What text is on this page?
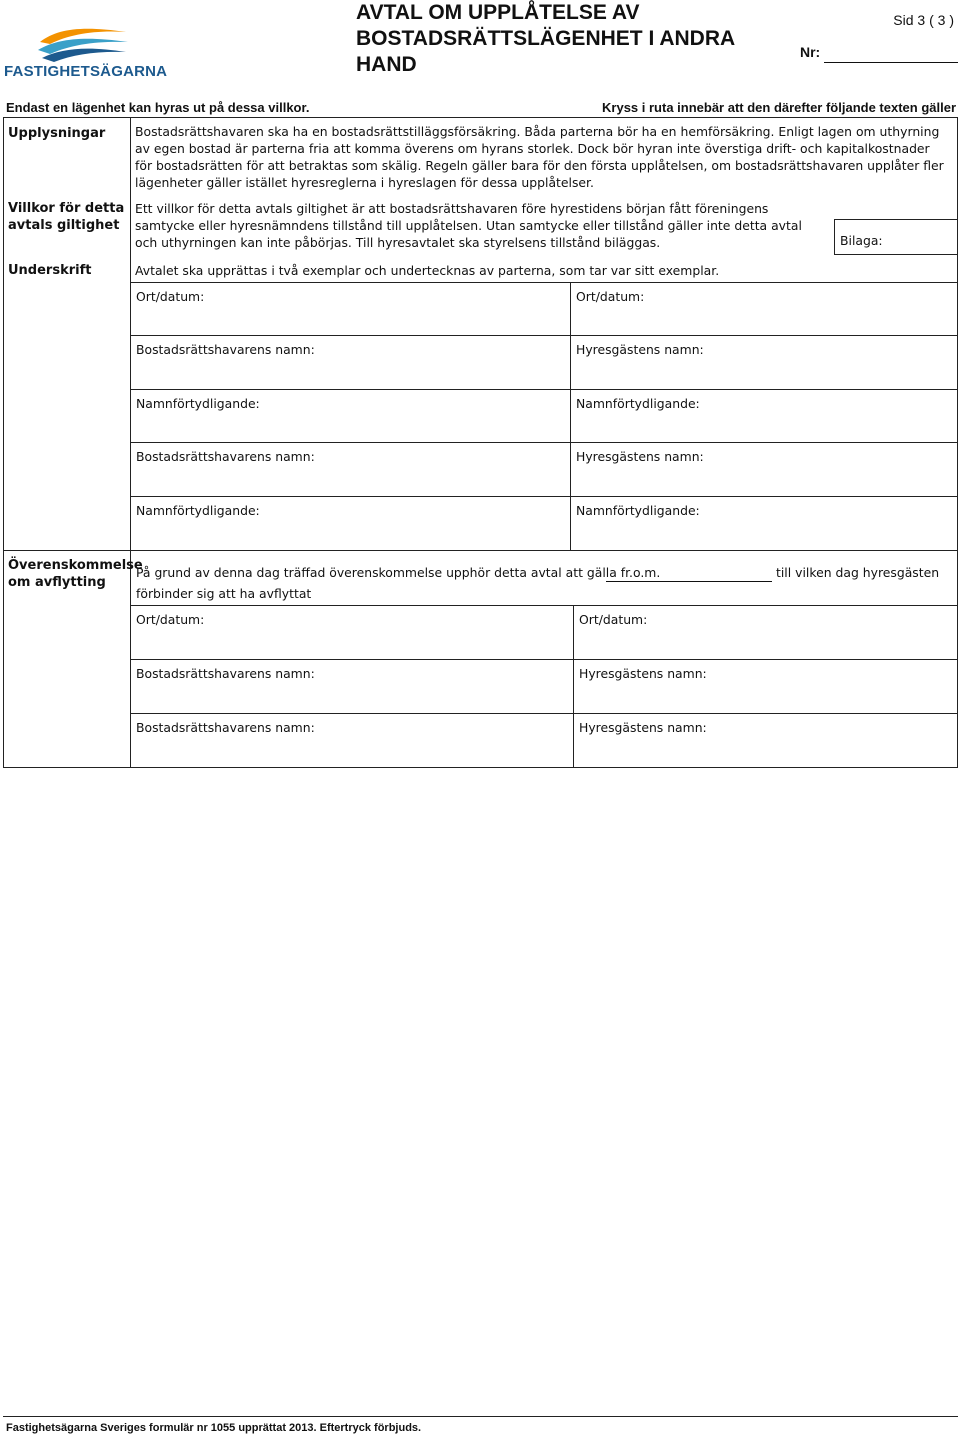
FASTIGHETSÄGARNA
AVTAL OM UPPLÅTELSE AV BOSTADSRÄTTSLÄGENHET I ANDRA HAND
Sid 3 ( 3 )
Nr:
Endast en lägenhet kan hyras ut på dessa villkor.	Kryss i ruta innebär att den därefter följande texten gäller
Upplysningar Bostadsrättshavaren ska ha en bostadsrättstilläggsförsäkring. Båda parterna bör ha en hemförsäkring. Enligt lagen om uthyrning av egen bostad är parterna fria att komma överens om hyrans storlek. Dock bör hyran inte överstiga drift- och kapitalkostnader för bostadsrätten för att betraktas som skälig. Regeln gäller bara för den första upplåtelsen, om bostadsrättshavaren upplåter fler lägenheter gäller istället hyresreglerna i hyreslagen för dessa upplåtelser.
Villkor för detta avtals giltighet
Ett villkor för detta avtals giltighet är att bostadsrättshavaren före hyrestidens början fått föreningens samtycke eller hyresnämndens tillstånd till upplåtelsen. Utan samtycke eller tillstånd gäller inte detta avtal och uthyrningen kan inte påbörjas. Till hyresavtalet ska styrelsens tillstånd biläggas.	Bilaga:
Underskrift	Avtalet ska upprättas i två exemplar och undertecknas av parterna, som tar var sitt exemplar.
Ort/datum:	Ort/datum:
Bostadsrättshavarens namn:	Hyresgästens namn:
Namnförtydligande:	Namnförtydligande:
Bostadsrättshavarens namn:	Hyresgästens namn:
Namnförtydligande:	Namnförtydligande:
Överenskommelse om avflytting
På grund av denna dag träffad överenskommelse upphör detta avtal att gälla fr.o.m.	till vilken dag hyresgästen
förbinder sig att ha avflyttat
Ort/datum:	Ort/datum:
Bostadsrättshavarens namn:	Hyresgästens namn:
Bostadsrättshavarens namn:	Hyresgästens namn:
Fastighetsägarna Sveriges formulär nr 1055 upprättat 2013. Eftertryck förbjuds.
